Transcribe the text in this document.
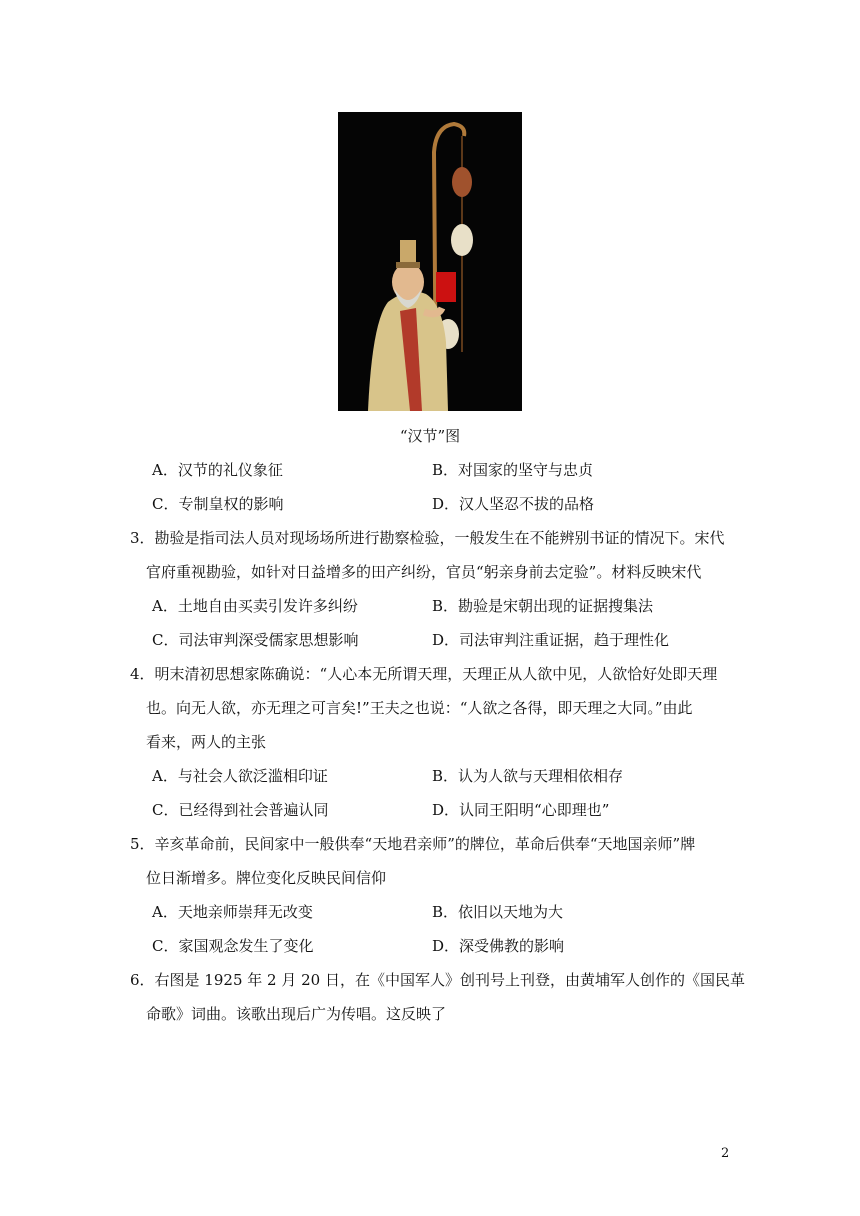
“汉节”图
A．汉节的礼仪象征	B．对国家的坚守与忠贞
C．专制皇权的影响	D．汉人坚忍不拔的品格
3．勘验是指司法人员对现场场所进行勘察检验，一般发生在不能辨别书证的情况下。宋代
官府重视勘验，如针对日益增多的田产纠纷，官员“躬亲身前去定验”。材料反映宋代
A．土地自由买卖引发许多纠纷	B．勘验是宋朝出现的证据搜集法
C．司法审判深受儒家思想影响	D．司法审判注重证据，趋于理性化
4．明末清初思想家陈确说：“人心本无所谓天理，天理正从人欲中见，人欲恰好处即天理
也。向无人欲，亦无理之可言矣!”王夫之也说：“人欲之各得，即天理之大同。”由此
看来，两人的主张
A．与社会人欲泛滥相印证	B．认为人欲与天理相依相存
C．已经得到社会普遍认同	D．认同王阳明“心即理也”
5．辛亥革命前，民间家中一般供奉“天地君亲师”的牌位，革命后供奉“天地国亲师”牌
位日渐增多。牌位变化反映民间信仰
A．天地亲师崇拜无改变	B．依旧以天地为大
C．家国观念发生了变化	D．深受佛教的影响
6．右图是 1925 年 2 月 20 日，在《中国军人》创刊号上刊登，由黄埔军人创作的《国民革
命歌》词曲。该歌出现后广为传唱。这反映了
2
